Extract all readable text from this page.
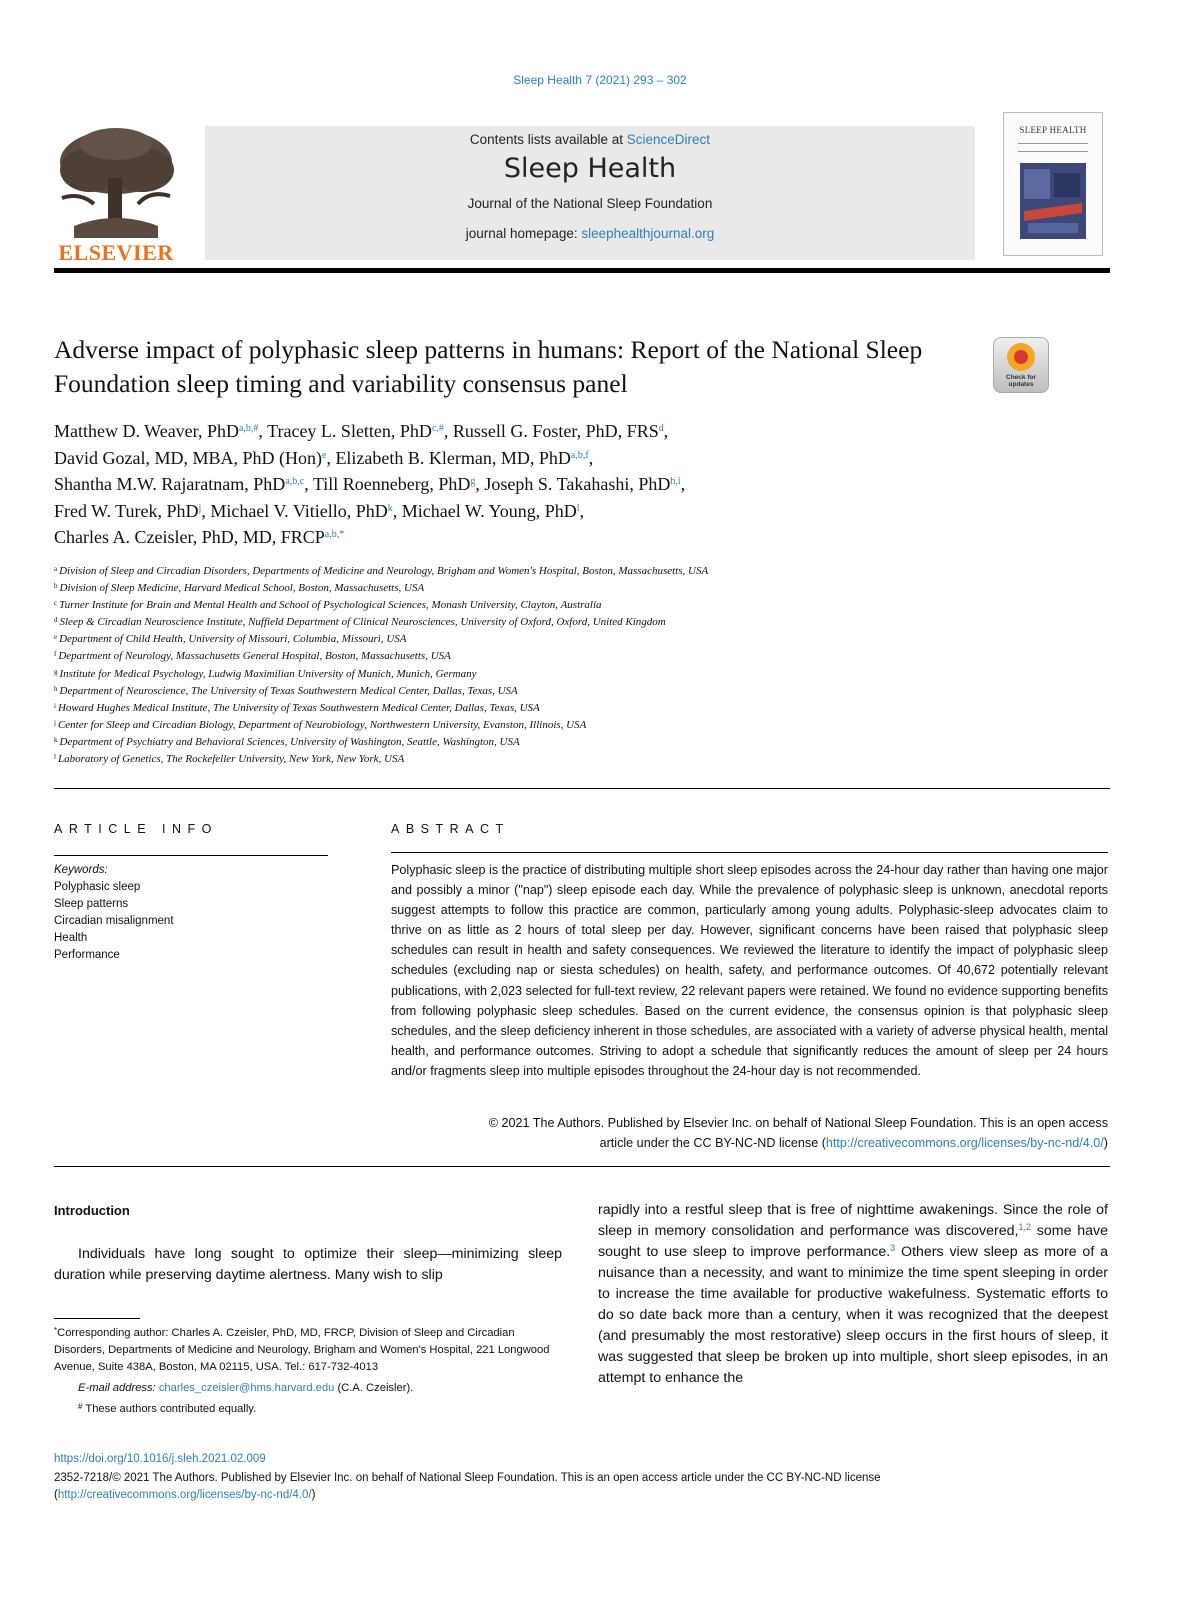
Sleep Health 7 (2021) 293 – 302
ELSEVIER
Contents lists available at ScienceDirect
Sleep Health
Journal of the National Sleep Foundation
journal homepage: sleephealthjournal.org
SLEEP HEALTH
Adverse impact of polyphasic sleep patterns in humans: Report of the National Sleep Foundation sleep timing and variability consensus panel	Check for updates
Matthew D. Weaver, PhD$^{a,b,\#}$, Tracey L. Sletten, PhD$^{c,\#}$, Russell G. Foster, PhD, FRS$^d$,
David Gozal, MD, MBA, PhD (Hon)$^e$, Elizabeth B. Klerman, MD, PhD$^{a,b,f}$,
Shantha M.W. Rajaratnam, PhD$^{a,b,c}$, Till Roenneberg, PhD$^g$, Joseph S. Takahashi, PhD$^{h,i}$,
Fred W. Turek, PhD$^j$, Michael V. Vitiello, PhD$^k$, Michael W. Young, PhD$^l$,
Charles A. Czeisler, PhD, MD, $FRCP^{a,b,*}$
$^a$ Division of Sleep and Circadian Disorders, Departments of Medicine and Neurology, Brigham and Women's Hospital, Boston, Massachusetts, USA
$^b$ Division of Sleep Medicine, Harvard Medical School, Boston, Massachusetts, USA
$^c$ Turner Institute for Brain and Mental Health and School of Psychological Sciences, Monash University, Clayton, Australia
$^d$ Sleep & Circadian Neuroscience Institute, Nuffield Department of Clinical Neurosciences, University of Oxford, Oxford, United Kingdom
$^e$ Department of Child Health, University of Missouri, Columbia, Missouri, USA
$^f$ Department of Neurology, Massachusetts General Hospital, Boston, Massachusetts, USA
$^g$ Institute for Medical Psychology, Ludwig Maximilian University of Munich, Munich, Germany
$^h$ Department of Neuroscience, The University of Texas Southwestern Medical Center, Dallas, Texas, USA
$^i$ Howard Hughes Medical Institute, The University of Texas Southwestern Medical Center, Dallas, Texas, USA
$^j$ Center for Sleep and Circadian Biology, Department of Neurobiology, Northwestern University, Evanston, Illinois, USA
$^k$ Department of Psychiatry and Behavioral Sciences, University of Washington, Seattle, Washington, USA
$^l$ Laboratory of Genetics, The Rockefeller University, New York, New York, USA
ARTICLE INFO	ABSTRACT
Keywords:
Polyphasic sleep
Sleep patterns
Circadian misalignment
Health
Performance
Polyphasic sleep is the practice of distributing multiple short sleep episodes across the 24-hour day rather than having one major and possibly a minor ("nap") sleep episode each day. While the prevalence of polyphasic sleep is unknown, anecdotal reports suggest attempts to follow this practice are common, particularly among young adults. Polyphasic-sleep advocates claim to thrive on as little as 2 hours of total sleep per day. However, significant concerns have been raised that polyphasic sleep schedules can result in health and safety consequences. We reviewed the literature to identify the impact of polyphasic sleep schedules (excluding nap or siesta schedules) on health, safety, and performance outcomes. Of 40,672 potentially relevant publications, with 2,023 selected for full-text review, 22 relevant papers were retained. We found no evidence supporting benefits from following polyphasic sleep schedules. Based on the current evidence, the consensus opinion is that polyphasic sleep schedules, and the sleep deficiency inherent in those schedules, are associated with a variety of adverse physical health, mental health, and performance outcomes. Striving to adopt a schedule that significantly reduces the amount of sleep per 24 hours and/or fragments sleep into multiple episodes throughout the 24-hour day is not recommended.
© 2021 The Authors. Published by Elsevier Inc. on behalf of National Sleep Foundation. This is an open access
article under the CC BY-NC-ND license (http://creativecommons.org/licenses/by-nc-nd/4.0/)
Introduction
Individuals have long sought to optimize their sleep—minimizing sleep duration while preserving daytime alertness. Many wish to slip
rapidly into a restful sleep that is free of nighttime awakenings. Since the role of sleep in memory consolidation and performance was discovered,$^{1,2}$ some have sought to use sleep to improve performance.$^3$ Others view sleep as more of a nuisance than a necessity, and want to minimize the time spent sleeping in order to increase the time available for productive wakefulness. Systematic efforts to do so date back more than a century, when it was recognized that the deepest (and presumably the most restorative) sleep occurs in the first hours of sleep, it was suggested that sleep be broken up into multiple, short sleep episodes, in an attempt to enhance the
*Corresponding author: Charles A. Czeisler, PhD, MD, FRCP, Division of Sleep and Circadian Disorders, Departments of Medicine and Neurology, Brigham and Women's Hospital, 221 Longwood Avenue, Suite 438A, Boston, MA 02115, USA. Tel.: 617-732-4013
E-mail address: charles_czeisler@hms.harvard.edu (C.A. Czeisler).
# These authors contributed equally.
https://doi.org/10.1016/j.sleh.2021.02.009
2352-7218/© 2021 The Authors. Published by Elsevier Inc. on behalf of National Sleep Foundation. This is an open access article under the CC BY-NC-ND license
(http://creativecommons.org/licenses/by-nc-nd/4.0/)
